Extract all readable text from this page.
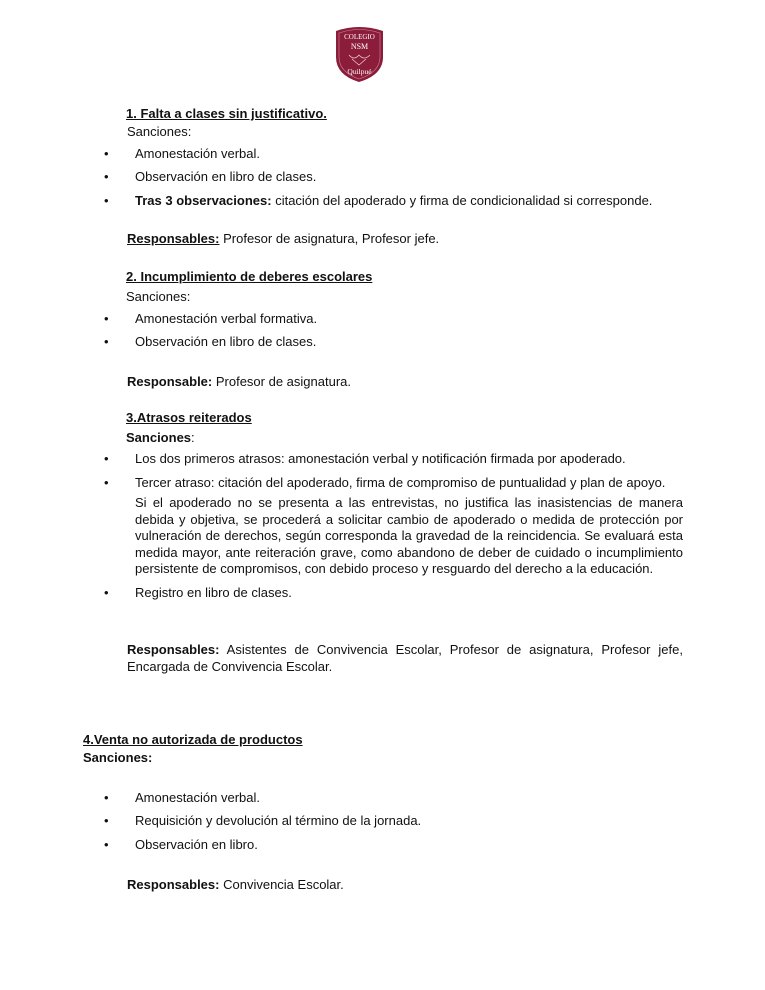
COLEGIO
NSM
Quilpué
1. Falta a clases sin justificativo.
Sanciones:
• Amonestación verbal.
• Observación en libro de clases.
• Tras 3 observaciones: citación del apoderado y firma de condicionalidad si corresponde.
Responsables: Profesor de asignatura, Profesor jefe.
2. Incumplimiento de deberes escolares
Sanciones:
• Amonestación verbal formativa.
• Observación en libro de clases.
Responsable: Profesor de asignatura.
3.Atrasos reiterados
Sanciones:
• Los dos primeros atrasos: amonestación verbal y notificación firmada por apoderado.
• Tercer atraso: citación del apoderado, firma de compromiso de puntualidad y plan de apoyo.
Si el apoderado no se presenta a las entrevistas, no justifica las inasistencias de manera debida y objetiva, se procederá a solicitar cambio de apoderado o medida de protección por vulneración de derechos, según corresponda la gravedad de la reincidencia. Se evaluará esta medida mayor, ante reiteración grave, como abandono de deber de cuidado o incumplimiento persistente de compromisos, con debido proceso y resguardo del derecho a la educación.
• Registro en libro de clases.
Responsables: Asistentes de Convivencia Escolar, Profesor de asignatura, Profesor jefe, Encargada de Convivencia Escolar.
4.Venta no autorizada de productos
Sanciones:
• Amonestación verbal.
• Requisición y devolución al término de la jornada.
• Observación en libro.
Responsables: Convivencia Escolar.
